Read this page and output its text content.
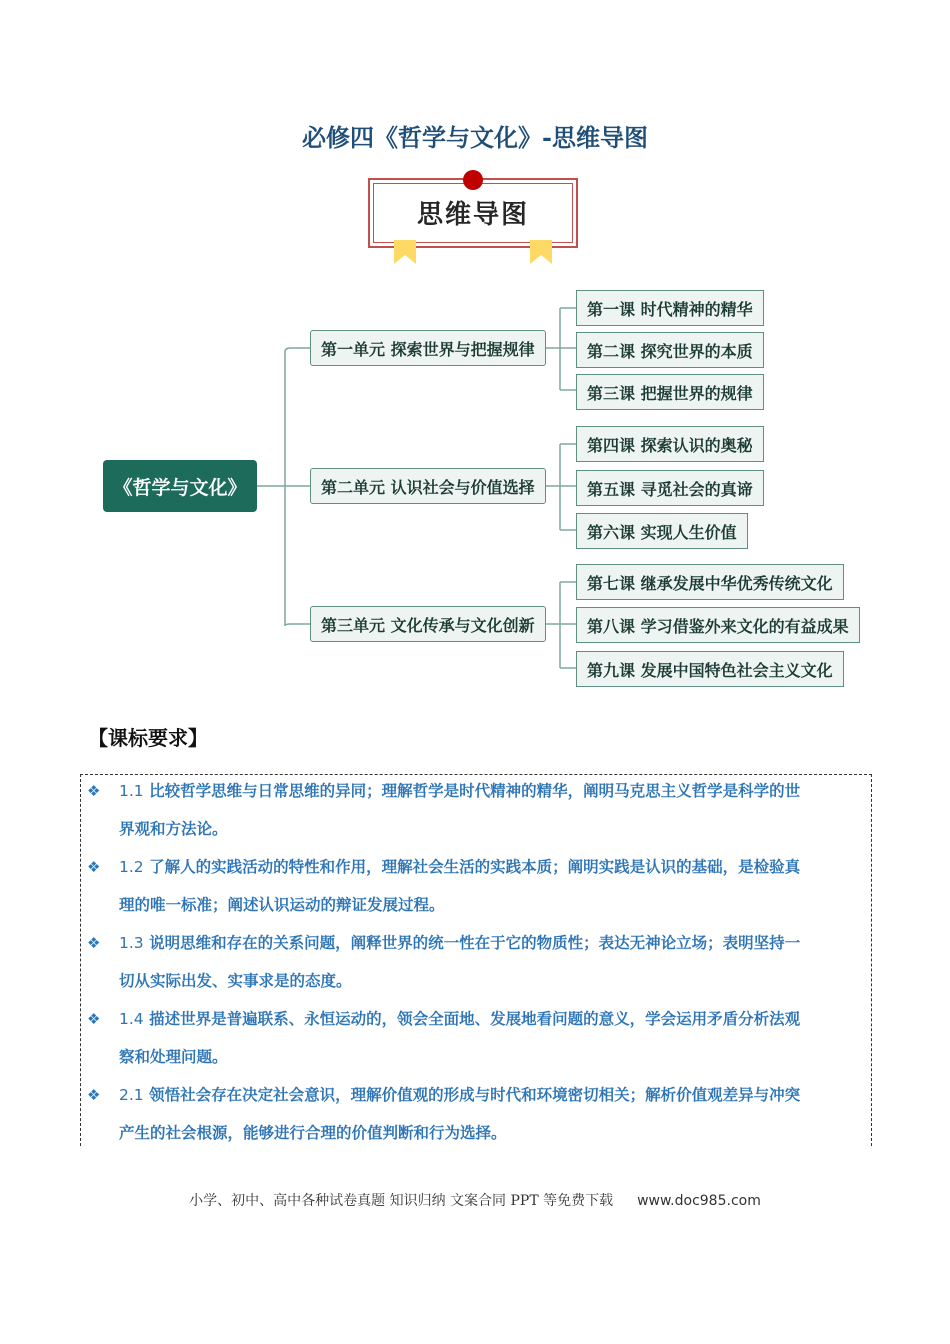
必修四《哲学与文化》-思维导图
思维导图
《哲学与文化》
第一单元 探索世界与把握规律
第二单元 认识社会与价值选择
第三单元 文化传承与文化创新
第一课 时代精神的精华
第二课 探究世界的本质
第三课 把握世界的规律
第四课 探索认识的奥秘
第五课 寻觅社会的真谛
第六课 实现人生价值
第七课 继承发展中华优秀传统文化
第八课 学习借鉴外来文化的有益成果
第九课 发展中国特色社会主义文化
【课标要求】
❖ 1.1 比较哲学思维与日常思维的异同；理解哲学是时代精神的精华，阐明马克思主义哲学是科学的世
界观和方法论。
❖ 1.2 了解人的实践活动的特性和作用，理解社会生活的实践本质；阐明实践是认识的基础，是检验真
理的唯一标准；阐述认识运动的辩证发展过程。
❖ 1.3 说明思维和存在的关系问题，阐释世界的统一性在于它的物质性；表达无神论立场；表明坚持一
切从实际出发、实事求是的态度。
❖ 1.4 描述世界是普遍联系、永恒运动的，领会全面地、发展地看问题的意义，学会运用矛盾分析法观
察和处理问题。
❖ 2.1 领悟社会存在决定社会意识，理解价值观的形成与时代和环境密切相关；解析价值观差异与冲突
产生的社会根源，能够进行合理的价值判断和行为选择。
小学、初中、高中各种试卷真题 知识归纳 文案合同 PPT 等免费下载 www.doc985.com
